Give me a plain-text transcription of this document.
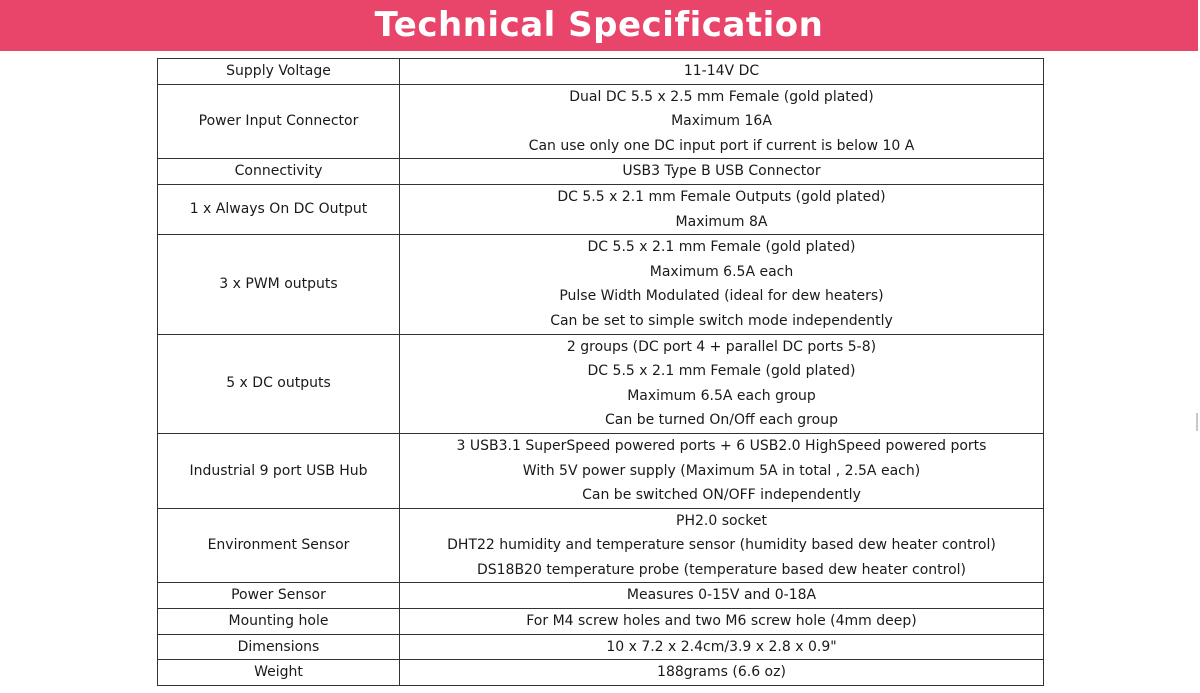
Technical Specification
Supply Voltage	11-14V DC

Power Input Connector	Dual DC 5.5 x 2.5 mm Female (gold plated)
Maximum 16A
Can use only one DC input port if current is below 10 A

Connectivity	USB3 Type B USB Connector

1 x Always On DC Output	DC 5.5 x 2.1 mm Female Outputs (gold plated)
Maximum 8A

3 x PWM outputs	DC 5.5 x 2.1 mm Female (gold plated)
Maximum 6.5A each
Pulse Width Modulated (ideal for dew heaters)
Can be set to simple switch mode independently

5 x DC outputs	2 groups (DC port 4 + parallel DC ports 5-8)
DC 5.5 x 2.1 mm Female (gold plated)
Maximum 6.5A each group
Can be turned On/Off each group

Industrial 9 port USB Hub	3 USB3.1 SuperSpeed powered ports + 6 USB2.0 HighSpeed powered ports
With 5V power supply (Maximum 5A in total , 2.5A each)
Can be switched ON/OFF independently

Environment Sensor	PH2.0 socket
DHT22 humidity and temperature sensor (humidity based dew heater control)
DS18B20 temperature probe (temperature based dew heater control)

Power Sensor	Measures 0-15V and 0-18A

Mounting hole	For M4 screw holes and two M6 screw hole (4mm deep)

Dimensions	10 x 7.2 x 2.4cm/3.9 x 2.8 x 0.9"

Weight	188grams (6.6 oz)
